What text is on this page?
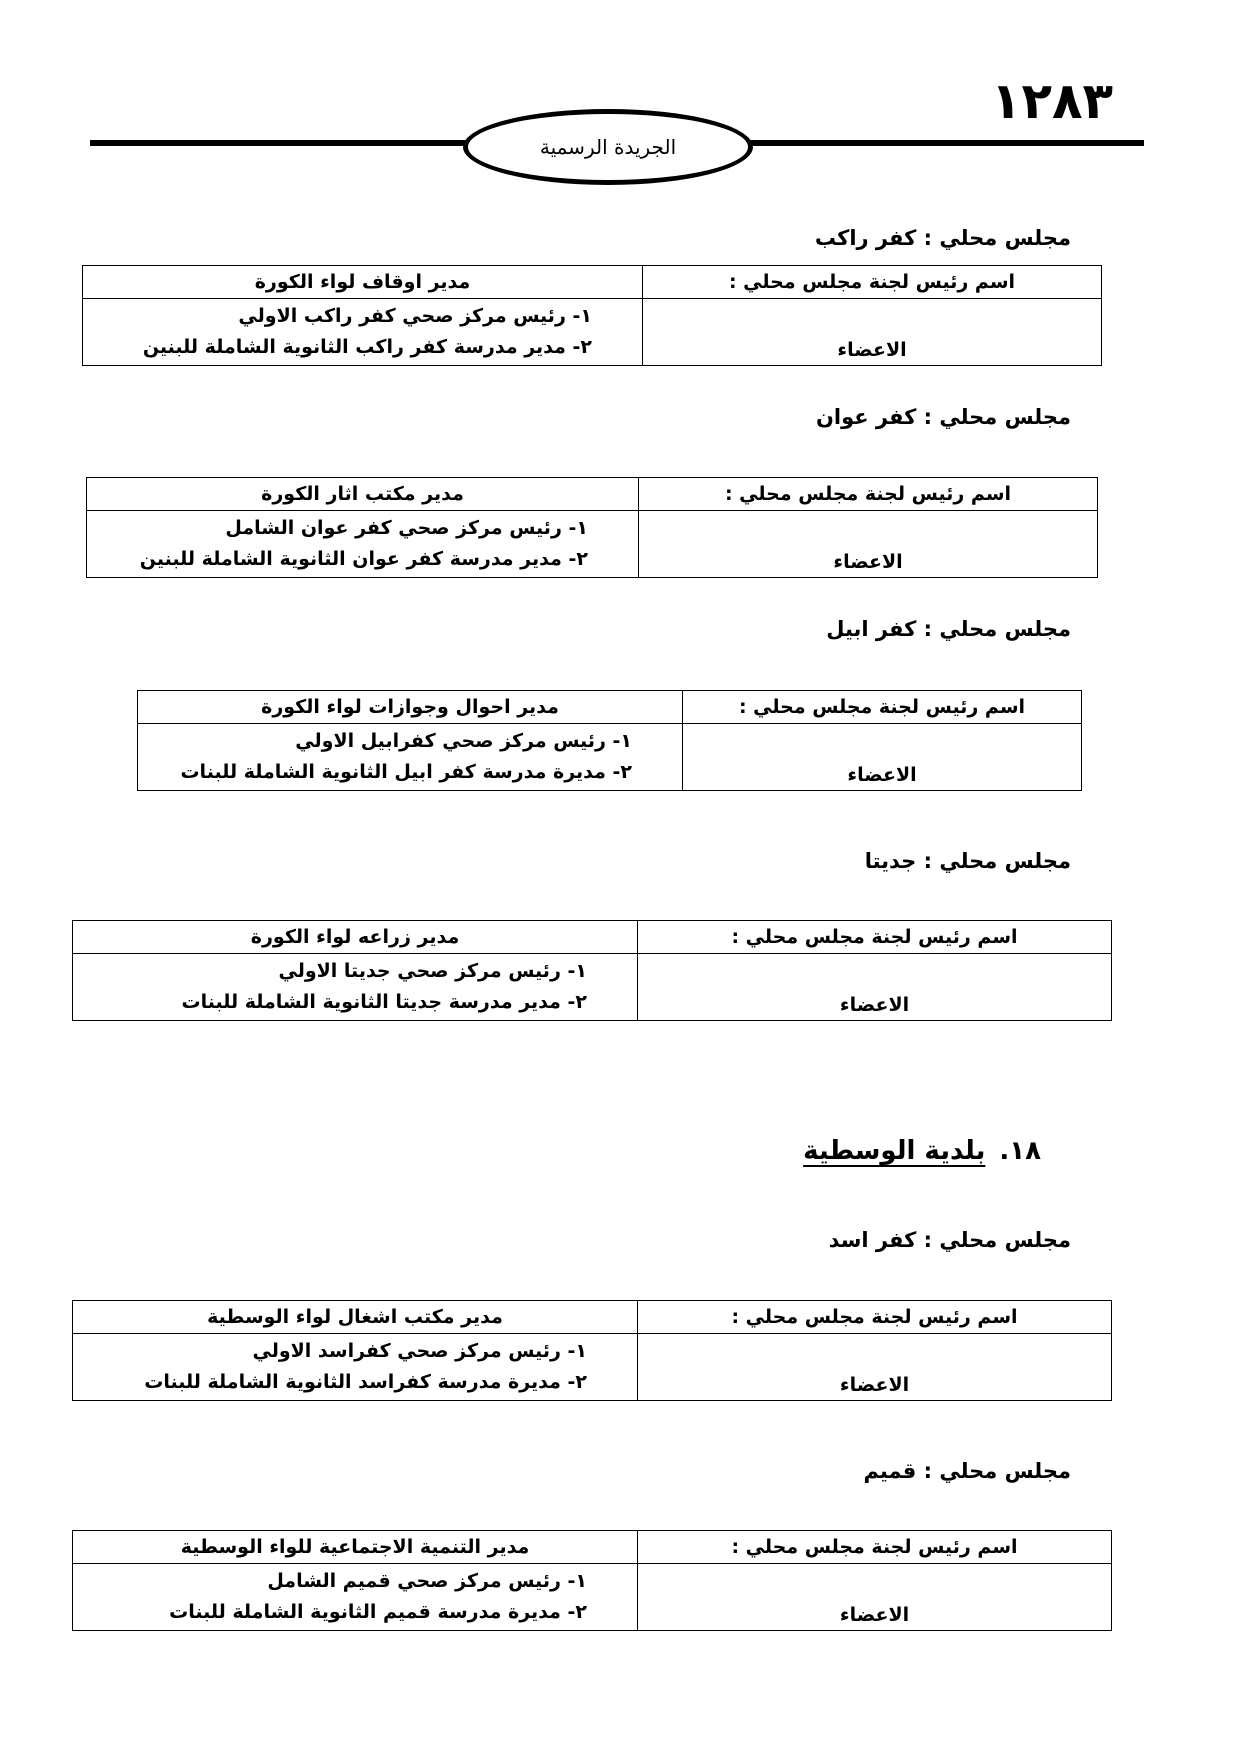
١٢٨٣
الجريدة الرسمية
مجلس محلي : كفر راكب
اسم رئيس لجنة مجلس محلي :	مدير اوقاف لواء الكورة
الاعضاء	١- رئيس مركز صحي كفر راكب الاولي
٢- مدير مدرسة كفر راكب الثانوية الشاملة للبنين
مجلس محلي : كفر عوان
اسم رئيس لجنة مجلس محلي :	مدير مكتب اثار الكورة
الاعضاء	١- رئيس مركز صحي كفر عوان الشامل
٢- مدير مدرسة كفر عوان الثانوية الشاملة للبنين
مجلس محلي : كفر ابيل
اسم رئيس لجنة مجلس محلي :	مدير احوال وجوازات لواء الكورة
الاعضاء	١- رئيس مركز صحي كفرابيل الاولي
٢- مديرة مدرسة كفر ابيل الثانوية الشاملة للبنات
مجلس محلي : جديتا
اسم رئيس لجنة مجلس محلي :	مدير زراعه لواء الكورة
الاعضاء	١- رئيس مركز صحي جديتا الاولي
٢- مدير مدرسة جديتا الثانوية الشاملة للبنات
١٨.بلدية الوسطية
مجلس محلي : كفر اسد
اسم رئيس لجنة مجلس محلي :	مدير مكتب اشغال لواء الوسطية
الاعضاء	١- رئيس مركز صحي كفراسد الاولي
٢- مديرة مدرسة كفراسد الثانوية الشاملة للبنات
مجلس محلي : قميم
اسم رئيس لجنة مجلس محلي :	مدير التنمية الاجتماعية للواء الوسطية
الاعضاء	١- رئيس مركز صحي قميم الشامل
٢- مديرة مدرسة قميم الثانوية الشاملة للبنات
